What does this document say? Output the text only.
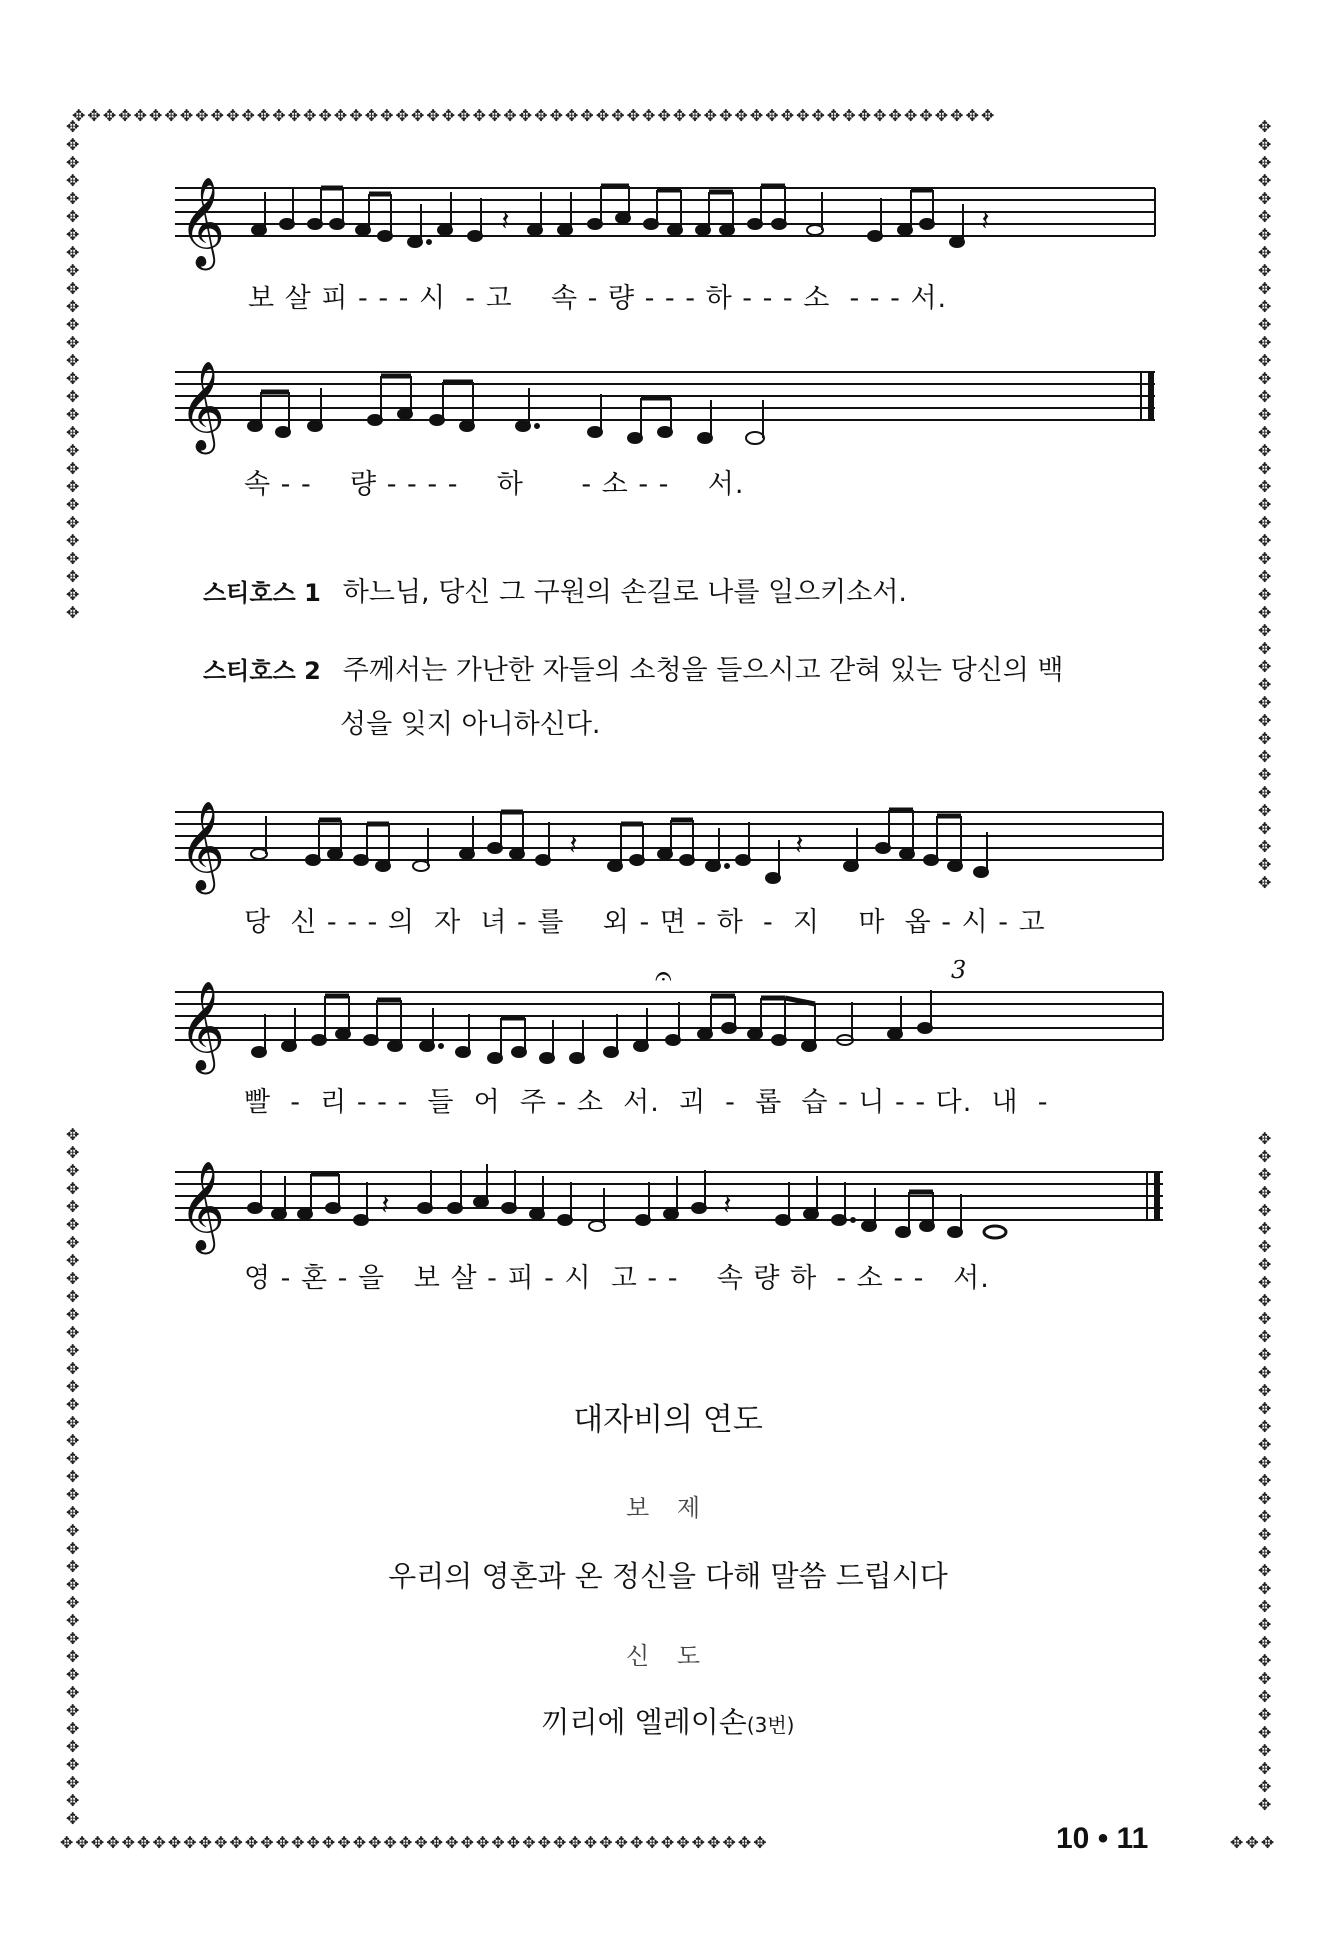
✥✥✥✥✥✥✥✥✥✥✥✥✥✥✥✥✥✥✥✥✥✥✥✥✥✥✥✥✥✥✥✥✥✥✥✥✥✥✥✥✥✥✥✥✥✥✥✥✥✥✥✥✥✥✥✥✥✥✥✥
✥✥✥✥✥✥✥✥✥✥✥✥✥✥✥✥✥✥✥✥✥✥✥✥✥✥✥✥
✥✥✥✥✥✥✥✥✥✥✥✥✥✥✥✥✥✥✥✥✥✥✥✥✥✥✥✥✥✥✥✥✥✥✥✥✥✥✥
✥✥✥✥✥✥✥✥✥✥✥✥✥✥✥✥✥✥✥✥✥✥✥✥✥✥✥✥✥✥✥✥✥✥✥✥✥✥✥✥✥✥✥
✥✥✥✥✥✥✥✥✥✥✥✥✥✥✥✥✥✥✥✥✥✥✥✥✥✥✥✥✥✥✥✥✥✥✥✥✥✥
✥✥✥✥✥✥✥✥✥✥✥✥✥✥✥✥✥✥✥✥✥✥✥✥✥✥✥✥✥✥✥✥✥✥✥✥✥✥✥✥✥✥✥✥✥✥	✥✥✥
𝄞	𝄽	𝄽
보 살 피 - - - 시  - 고    속 - 량 - - - 하 - - - 소  - - - 서.
𝄞
속 - -    량 - - - -    하      - 소 - -    서.
스티호스 1 하느님, 당신 그 구원의 손길로 나를 일으키소서.
스티호스 2 주께서는 가난한 자들의 소청을 들으시고 갇혀 있는 당신의 백
성을 잊지 아니하신다.
𝄞	𝄽	𝄽
당  신 - - - 의  자  녀 - 를    외 - 면 - 하  -  지    마  옵 - 시 - 고
𝄞
𝄐	3
빨  -  리 - - -  들  어  주 - 소  서.  괴  -  롭  습 - 니 - - 다.  내  -
𝄞	𝄽	𝄽
영 - 혼 - 을   보 살 - 피 - 시  고 - -    속 량 하  - 소 - -   서.
대자비의 연도
보 제
우리의 영혼과 온 정신을 다해 말씀 드립시다
신 도
끼리에 엘레이손(3번)
10 • 11
